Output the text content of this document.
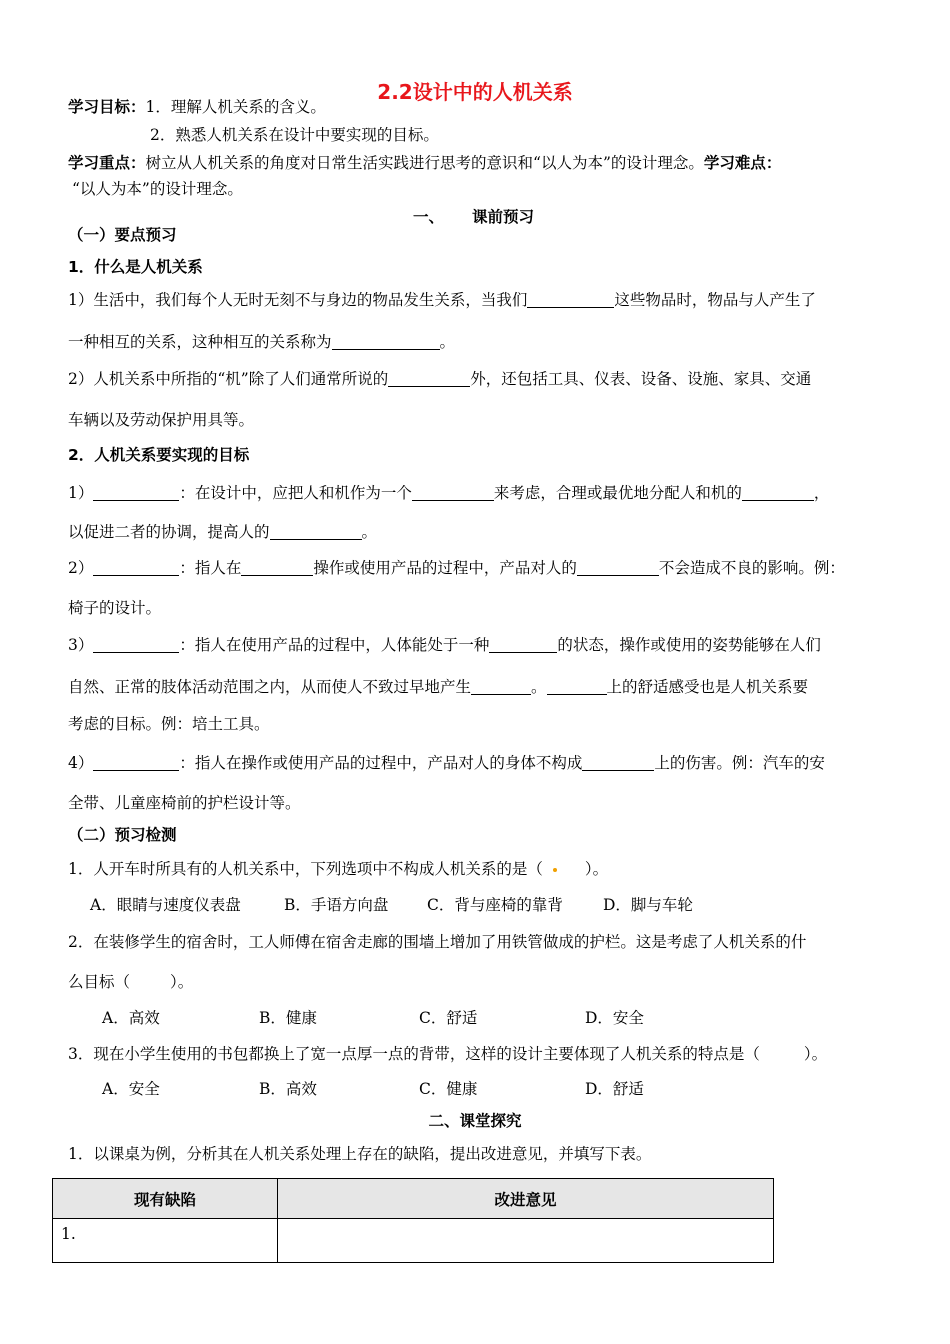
2.2设计中的人机关系
学习目标：1．理解人机关系的含义。
2．熟悉人机关系在设计中要实现的目标。
学习重点：树立从人机关系的角度对日常生活实践进行思考的意识和“以人为本”的设计理念。学习难点：
“以人为本”的设计理念。
一、 课前预习
（一）要点预习
1．什么是人机关系
1）生活中，我们每个人无时无刻不与身边的物品发生关系，当我们	这些物品时，物品与人产生了
一种相互的关系，这种相互的关系称为	。
2）人机关系中所指的“机”除了人们通常所说的	外，还包括工具、仪表、设备、设施、家具、交通
车辆以及劳动保护用具等。
2．人机关系要实现的目标
1）	：在设计中，应把人和机作为一个	来考虑，合理或最优地分配人和机的	，
以促进二者的协调，提高人的	。
2）	：指人在	操作或使用产品的过程中，产品对人的	不会造成不良的影响。例：
椅子的设计。
3）	：指人在使用产品的过程中，人体能处于一种	的状态，操作或使用的姿势能够在人们
自然、正常的肢体活动范围之内，从而使人不致过早地产生	。	上的舒适感受也是人机关系要
考虑的目标。例：培土工具。
4）	：指人在操作或使用产品的过程中，产品对人的身体不构成	上的伤害。例：汽车的安
全带、儿童座椅前的护栏设计等。
（二）预习检测
1．人开车时所具有的人机关系中，下列选项中不构成人机关系的是（	）。
A．眼睛与速度仪表盘	B．手语方向盘 C．背与座椅的靠背	D．脚与车轮
2．在装修学生的宿舍时，工人师傅在宿舍走廊的围墙上增加了用铁管做成的护栏。这是考虑了人机关系的什
么目标（	）。
A．高效	B．健康	C．舒适	D．安全
3．现在小学生使用的书包都换上了宽一点厚一点的背带，这样的设计主要体现了人机关系的特点是（	）。
A．安全	B．高效	C．健康	D．舒适
二、课堂探究
1．以课桌为例，分析其在人机关系处理上存在的缺陷，提出改进意见，并填写下表。
现有缺陷	改进意见
1.	
